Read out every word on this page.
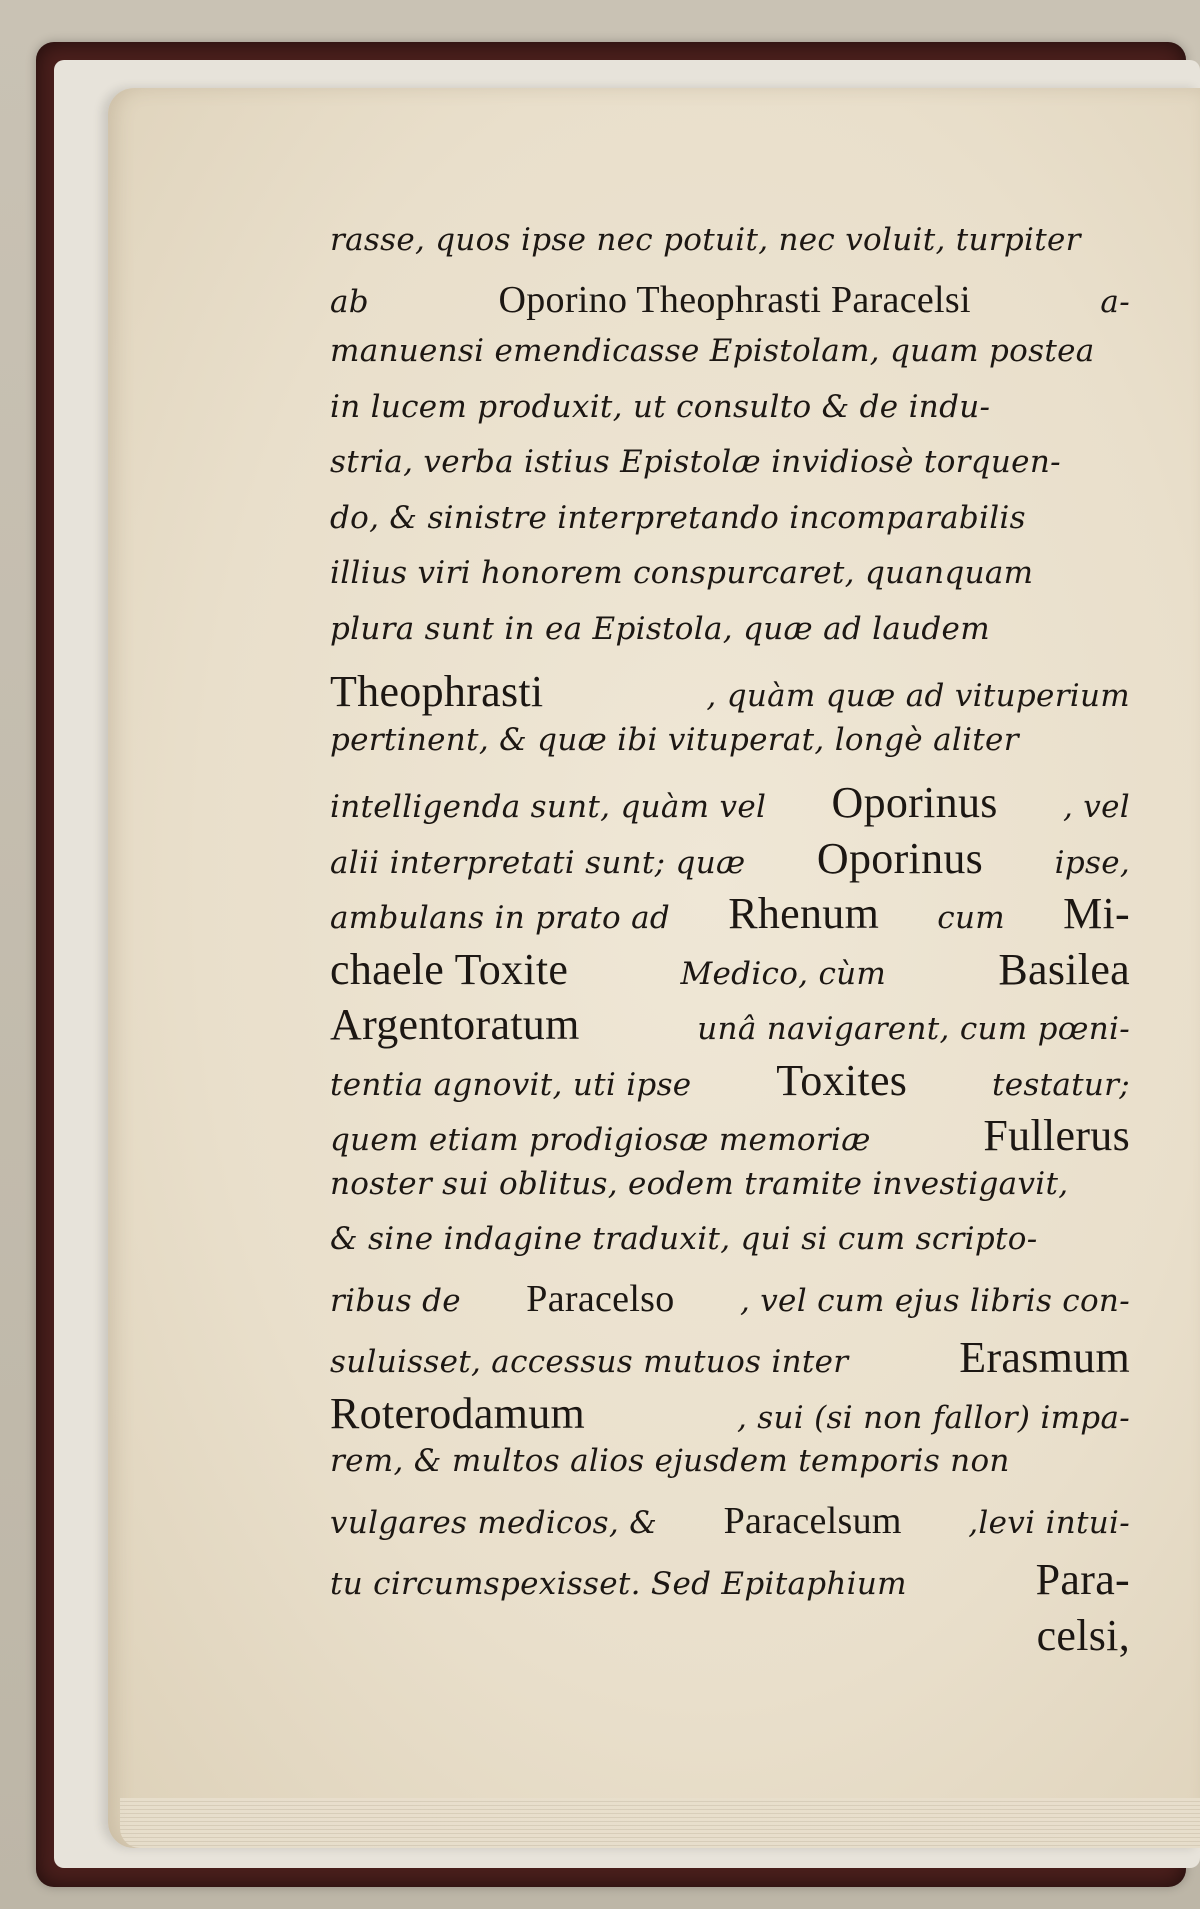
rasse, quos ipse nec potuit, nec voluit, turpiter
ab	Oporino Theophrasti Paracelsi	a-
manuensi emendicasse Epistolam, quam postea
in lucem produxit, ut consulto & de indu-
stria, verba istius Epistolæ invidiosè torquen-
do, & sinistre interpretando incomparabilis
illius viri honorem conspurcaret, quanquam
plura sunt in ea Epistola, quæ ad laudem
Theophrasti	, quàm quæ ad vituperium
pertinent, & quæ ibi vituperat, longè aliter
intelligenda sunt, quàm vel Oporinus , vel
alii interpretati sunt; quæ Oporinus ipse,
ambulans in prato ad Rhenum cum Mi-
chaele Toxite	Medico, cùm	Basilea
Argentoratum	unâ navigarent, cum pœni-
tentia agnovit, uti ipse Toxites	testatur;
quem etiam prodigiosæ memoriæ	Fullerus
noster sui oblitus, eodem tramite investigavit,
& sine indagine traduxit, qui si cum scripto-
ribus de Paracelso , vel cum ejus libris con-
suluisset, accessus mutuos inter	Erasmum
Roterodamum	, sui (si non fallor) impa-
rem, & multos alios ejusdem temporis non
vulgares medicos, & Paracelsum ,levi intui-
tu circumspexisset. Sed Epitaphium	Para-
celsi,
